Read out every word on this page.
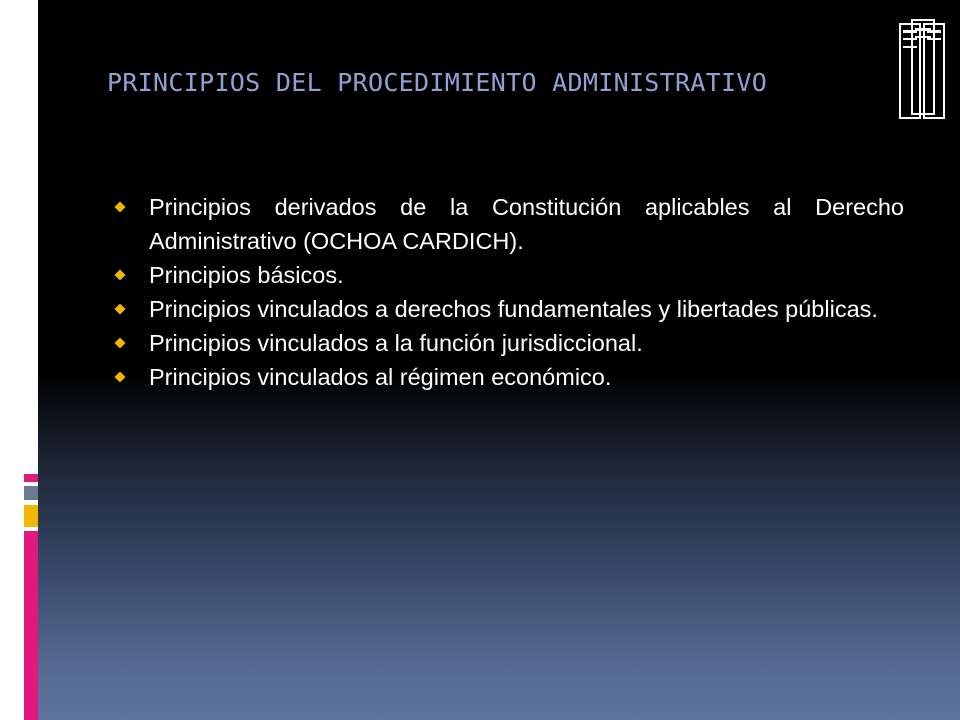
PRINCIPIOS DEL PROCEDIMIENTO ADMINISTRATIVO
Principios derivados de la Constitución aplicables al Derecho Administrativo (OCHOA CARDICH).
Principios básicos.
Principios vinculados a derechos fundamentales y libertades públicas.
Principios vinculados a la función jurisdiccional.
Principios vinculados al régimen económico.
